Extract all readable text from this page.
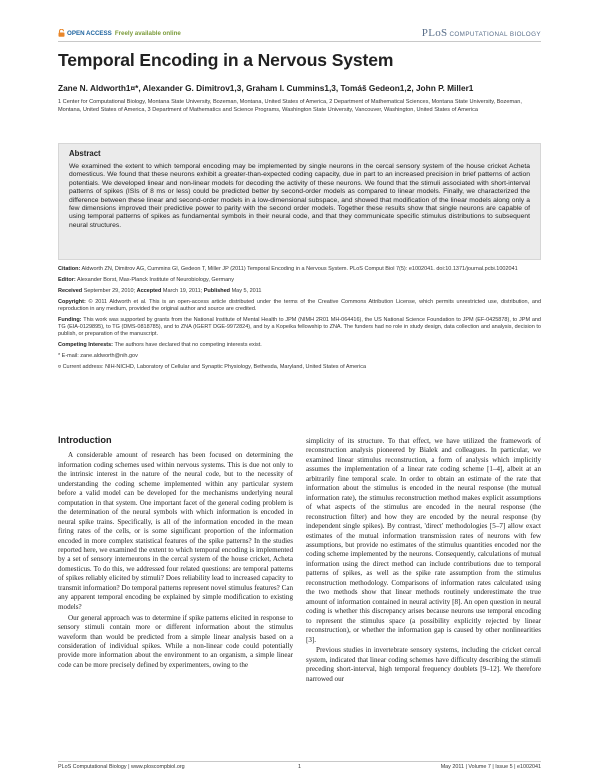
OPEN ACCESS Freely available online	PLoS COMPUTATIONAL BIOLOGY
Temporal Encoding in a Nervous System
Zane N. Aldworth1¤*, Alexander G. Dimitrov1,3, Graham I. Cummins1,3, Tomáš Gedeon1,2, John P. Miller1
1 Center for Computational Biology, Montana State University, Bozeman, Montana, United States of America, 2 Department of Mathematical Sciences, Montana State University, Bozeman, Montana, United States of America, 3 Department of Mathematics and Science Programs, Washington State University, Vancouver, Washington, United States of America
Abstract
We examined the extent to which temporal encoding may be implemented by single neurons in the cercal sensory system of the house cricket Acheta domesticus. We found that these neurons exhibit a greater-than-expected coding capacity, due in part to an increased precision in brief patterns of action potentials. We developed linear and non-linear models for decoding the activity of these neurons. We found that the stimuli associated with short-interval patterns of spikes (ISIs of 8 ms or less) could be predicted better by second-order models as compared to linear models. Finally, we characterized the difference between these linear and second-order models in a low-dimensional subspace, and showed that modification of the linear models along only a few dimensions improved their predictive power to parity with the second order models. Together these results show that single neurons are capable of using temporal patterns of spikes as fundamental symbols in their neural code, and that they communicate specific stimulus distributions to subsequent neural structures.

Citation: Aldworth ZN, Dimitrov AG, Cummins GI, Gedeon T, Miller JP (2011) Temporal Encoding in a Nervous System. PLoS Comput Biol 7(5): e1002041. doi:10.1371/journal.pcbi.1002041

Editor: Alexander Borst, Max-Planck Institute of Neurobiology, Germany

Received September 29, 2010; Accepted March 19, 2011; Published May 5, 2011

Copyright: © 2011 Aldworth et al. This is an open-access article distributed under the terms of the Creative Commons Attribution License, which permits unrestricted use, distribution, and reproduction in any medium, provided the original author and source are credited.

Funding: This work was supported by grants from the National Institute of Mental Health to JPM (NIMH 2R01 MH-064416), the US National Science Foundation to JPM (EF-0425878), to JPM and TG (EIA-0129895), to TG (DMS-0818785), and to ZNA (IGERT DGE-9972824), and by a Kopeika fellowship to ZNA. The funders had no role in study design, data collection and analysis, decision to publish, or preparation of the manuscript.

Competing Interests: The authors have declared that no competing interests exist.

* E-mail: zane.aldworth@nih.gov

¤ Current address: NIH-NICHD, Laboratory of Cellular and Synaptic Physiology, Bethesda, Maryland, United States of America

Introduction

A considerable amount of research has been focused on determining the information coding schemes used within nervous systems. This is due not only to the intrinsic interest in the nature of the neural code, but to the necessity of understanding the coding scheme implemented within any particular system before a valid model can be developed for the mechanisms underlying neural computation in that system. One important facet of the general coding problem is the determination of the neural symbols with which information is encoded in neural spike trains. Specifically, is all of the information encoded in the mean firing rates of the cells, or is some significant proportion of the information encoded in more complex statistical features of the spike patterns? In the studies reported here, we examined the extent to which temporal encoding is implemented by a set of sensory interneurons in the cercal system of the house cricket, Acheta domesticus. To do this, we addressed four related questions: are temporal patterns of spikes reliably elicited by stimuli? Does reliability lead to increased capacity to transmit information? Do temporal patterns represent novel stimulus features? Can any apparent temporal encoding be explained by simple modification to existing models?

Our general approach was to determine if spike patterns elicited in response to sensory stimuli contain more or different information about the stimulus waveform than would be predicted from a simple linear analysis based on a consideration of individual spikes. While a non-linear code could potentially provide more information about the environment to an organism, a simple linear code can be more precisely defined by experimenters, owing to the

simplicity of its structure. To that effect, we have utilized the framework of reconstruction analysis pioneered by Bialek and colleagues. In particular, we examined linear stimulus reconstruction, a form of analysis which implicitly assumes the implementation of a linear rate coding scheme [1–4], albeit at an arbitrarily fine temporal scale. In order to obtain an estimate of the rate that information about the stimulus is encoded in the neural response (the mutual information rate), the stimulus reconstruction method makes explicit assumptions of what aspects of the stimulus are encoded in the neural response (the reconstruction filter) and how they are encoded by the neural response (by independent single spikes). By contrast, 'direct' methodologies [5–7] allow exact estimates of the mutual information transmission rates of neurons with few assumptions, but provide no estimates of the stimulus quantities encoded nor the coding scheme implemented by the neurons. Consequently, calculations of mutual information using the direct method can include contributions due to temporal patterns of spikes, as well as the spike rate assumption from the stimulus reconstruction methodology. Comparisons of information rates calculated using the two methods show that linear methods routinely underestimate the true amount of information contained in neural activity [8]. An open question in neural coding is whether this discrepancy arises because neurons use temporal encoding to represent the stimulus space (a possibility explicitly rejected by linear reconstruction), or whether the information gap is caused by other nonlinearities [3].

Previous studies in invertebrate sensory systems, including the cricket cercal system, indicated that linear coding schemes have difficulty describing the stimuli preceding short-interval, high temporal frequency doublets [9–12]. We therefore narrowed our

PLoS Computational Biology | www.ploscompbiol.org	1	May 2011 | Volume 7 | Issue 5 | e1002041
